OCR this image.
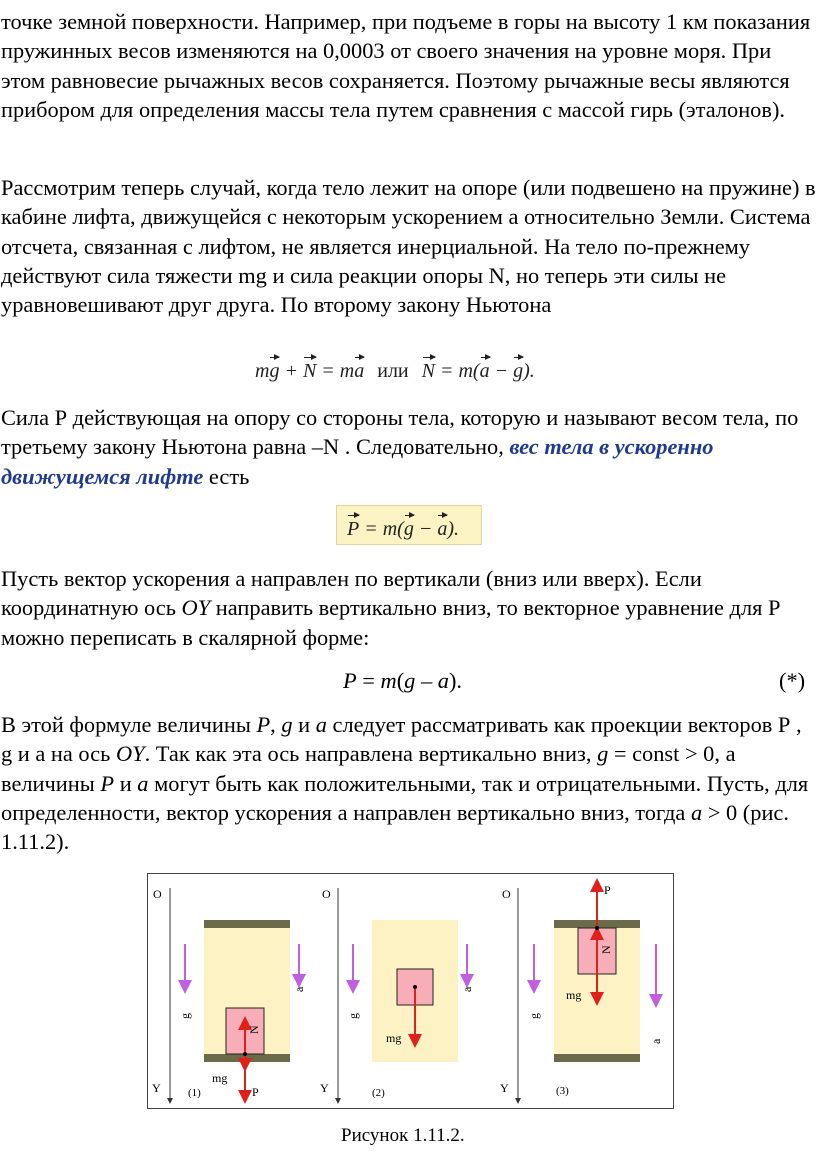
точке земной поверхности. Например, при подъеме в горы на высоту 1 км показания пружинных весов изменяются на 0,0003 от своего значения на уровне моря. При этом равновесие рычажных весов сохраняется. Поэтому рычажные весы являются прибором для определения массы тела путем сравнения с массой гирь (эталонов).

Рассмотрим теперь случай, когда тело лежит на опоре (или подвешено на пружине) в кабине лифта, движущейся с некоторым ускорением а относительно Земли. Система отсчета, связанная с лифтом, не является инерциальной. На тело по-прежнему действуют сила тяжести mg и сила реакции опоры N, но теперь эти силы не уравновешивают друг друга. По второму закону Ньютона

mg + N = ma или N = m(a − g).

Сила Р действующая на опору со стороны тела, которую и называют весом тела, по третьему закону Ньютона равна –N . Следовательно, вес тела в ускоренно движущемся лифте есть

P = m(g − a).

Пусть вектор ускорения а направлен по вертикали (вниз или вверх). Если координатную ось OY направить вертикально вниз, то векторное уравнение для Р можно переписать в скалярной форме:

P = m(g – a).	(*)

В этой формуле величины P, g и a следует рассматривать как проекции векторов Р , g и а на ось OY. Так как эта ось направлена вертикально вниз, g = const > 0, а величины P и a могут быть как положительными, так и отрицательными. Пусть, для определенности, вектор ускорения а направлен вертикально вниз, тогда a > 0 (рис. 1.11.2).

O
Y
g
N
mg
P
(1)
a
O
Y
g
mg
(2)
a
O
Y
g
P
N
mg
(3)
a
Рисунок 1.11.2.
